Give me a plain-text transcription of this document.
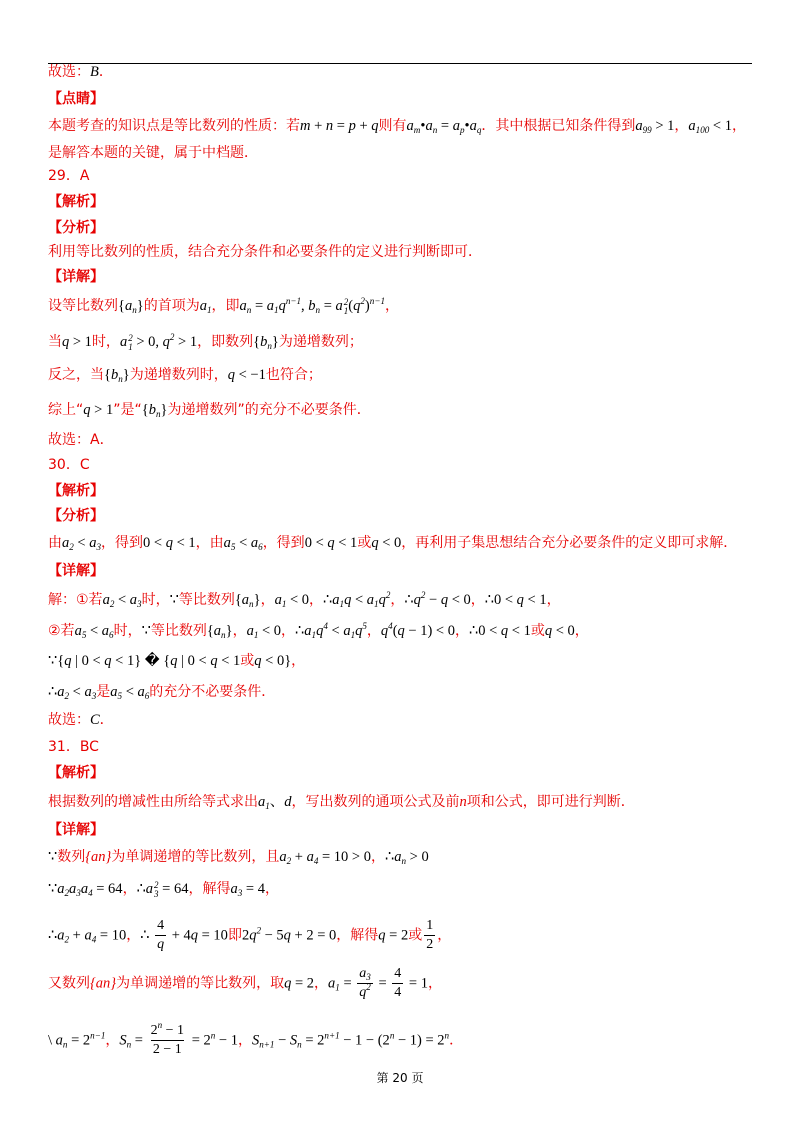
故选：B．
【点睛】
本题考查的知识点是等比数列的性质：若m + n = p + q则有$a_m•a_n$ = $a_p•a_q$．其中根据已知条件得到$a_{99} > 1$，$a_{100} < 1$，
是解答本题的关键，属于中档题．
29．A
【解析】
【分析】
利用等比数列的性质，结合充分条件和必要条件的定义进行判断即可．
【详解】
设等比数列$\{a_n\}$的首项为$a_1$，即$a_n = a_1q^{n-1}$, $b_n = a$ 2
1 $(q^2)^{n-1}$，
当q > 1时，a 2
1 > 0, $q^2 > 1$，即数列$\{b_n\}$为递增数列；
反之，当$\{b_n\}$为递增数列时，q < −1也符合；
综上“q > 1”是“$\{b_n\}$为递增数列”的充分不必要条件．
故选：A．
30．C
【解析】
【分析】
由$a_2 < a_3$，得到0 < q < 1，由$a_5 < a_6$，得到0 < q < 1或q < 0，再利用子集思想结合充分必要条件的定义即可求解．
【详解】
解：①若$a_2 < a_3$时，∵等比数列$\{a_n\}$，$a_1 < 0$，$\therefore a_1q < a_1q^2$，$\therefore q^2 - q < 0$，∴0 < q < 1，
②若$a_5 < a_6$时，∵等比数列$\{a_n\}$，$a_1 < 0$，$\therefore a_1q^4 < a_1q^5$，$q^4(q - 1) < 0$，∴0 < q < 1或q < 0，
∵{q | 0 < q < 1} � {q | 0 < q < 1或q < 0}，
$\therefore a_2 < a_3$是$a_5 < a_6$的充分不必要条件．
故选：C．
31．BC
【解析】
根据数列的增减性由所给等式求出$a_1$、d，写出数列的通项公式及前n项和公式，即可进行判断．
【详解】
∵数列{an}为单调递增的等比数列，且$a_2 + a_4 = 10 > 0$，$\therefore a_n > 0$
$\because a_2a_3a_4 = 64$，∴a 2
3 = 64，解得$a_3 = 4$，
$\therefore a_2 + a_4 = 10$，∴ $\frac{4}{q} + 4q = 10$即$2q^2 - 5q + 2 = 0$，解得q = 2或 $\frac{1}{2}$ ，
又数列{an}为单调递增的等比数列，取q = 2，$a_1 = \frac{a_3}{q^2} = \frac{4}{4} = 1$，
\ $a_n = 2^{n-1}$，$S_n = \frac{2^n - 1}{2 - 1} = 2^n - 1$，$S_{n+1} - S_n = 2^{n+1} - 1 - (2^n - 1) = 2^n$．
第 20 页
